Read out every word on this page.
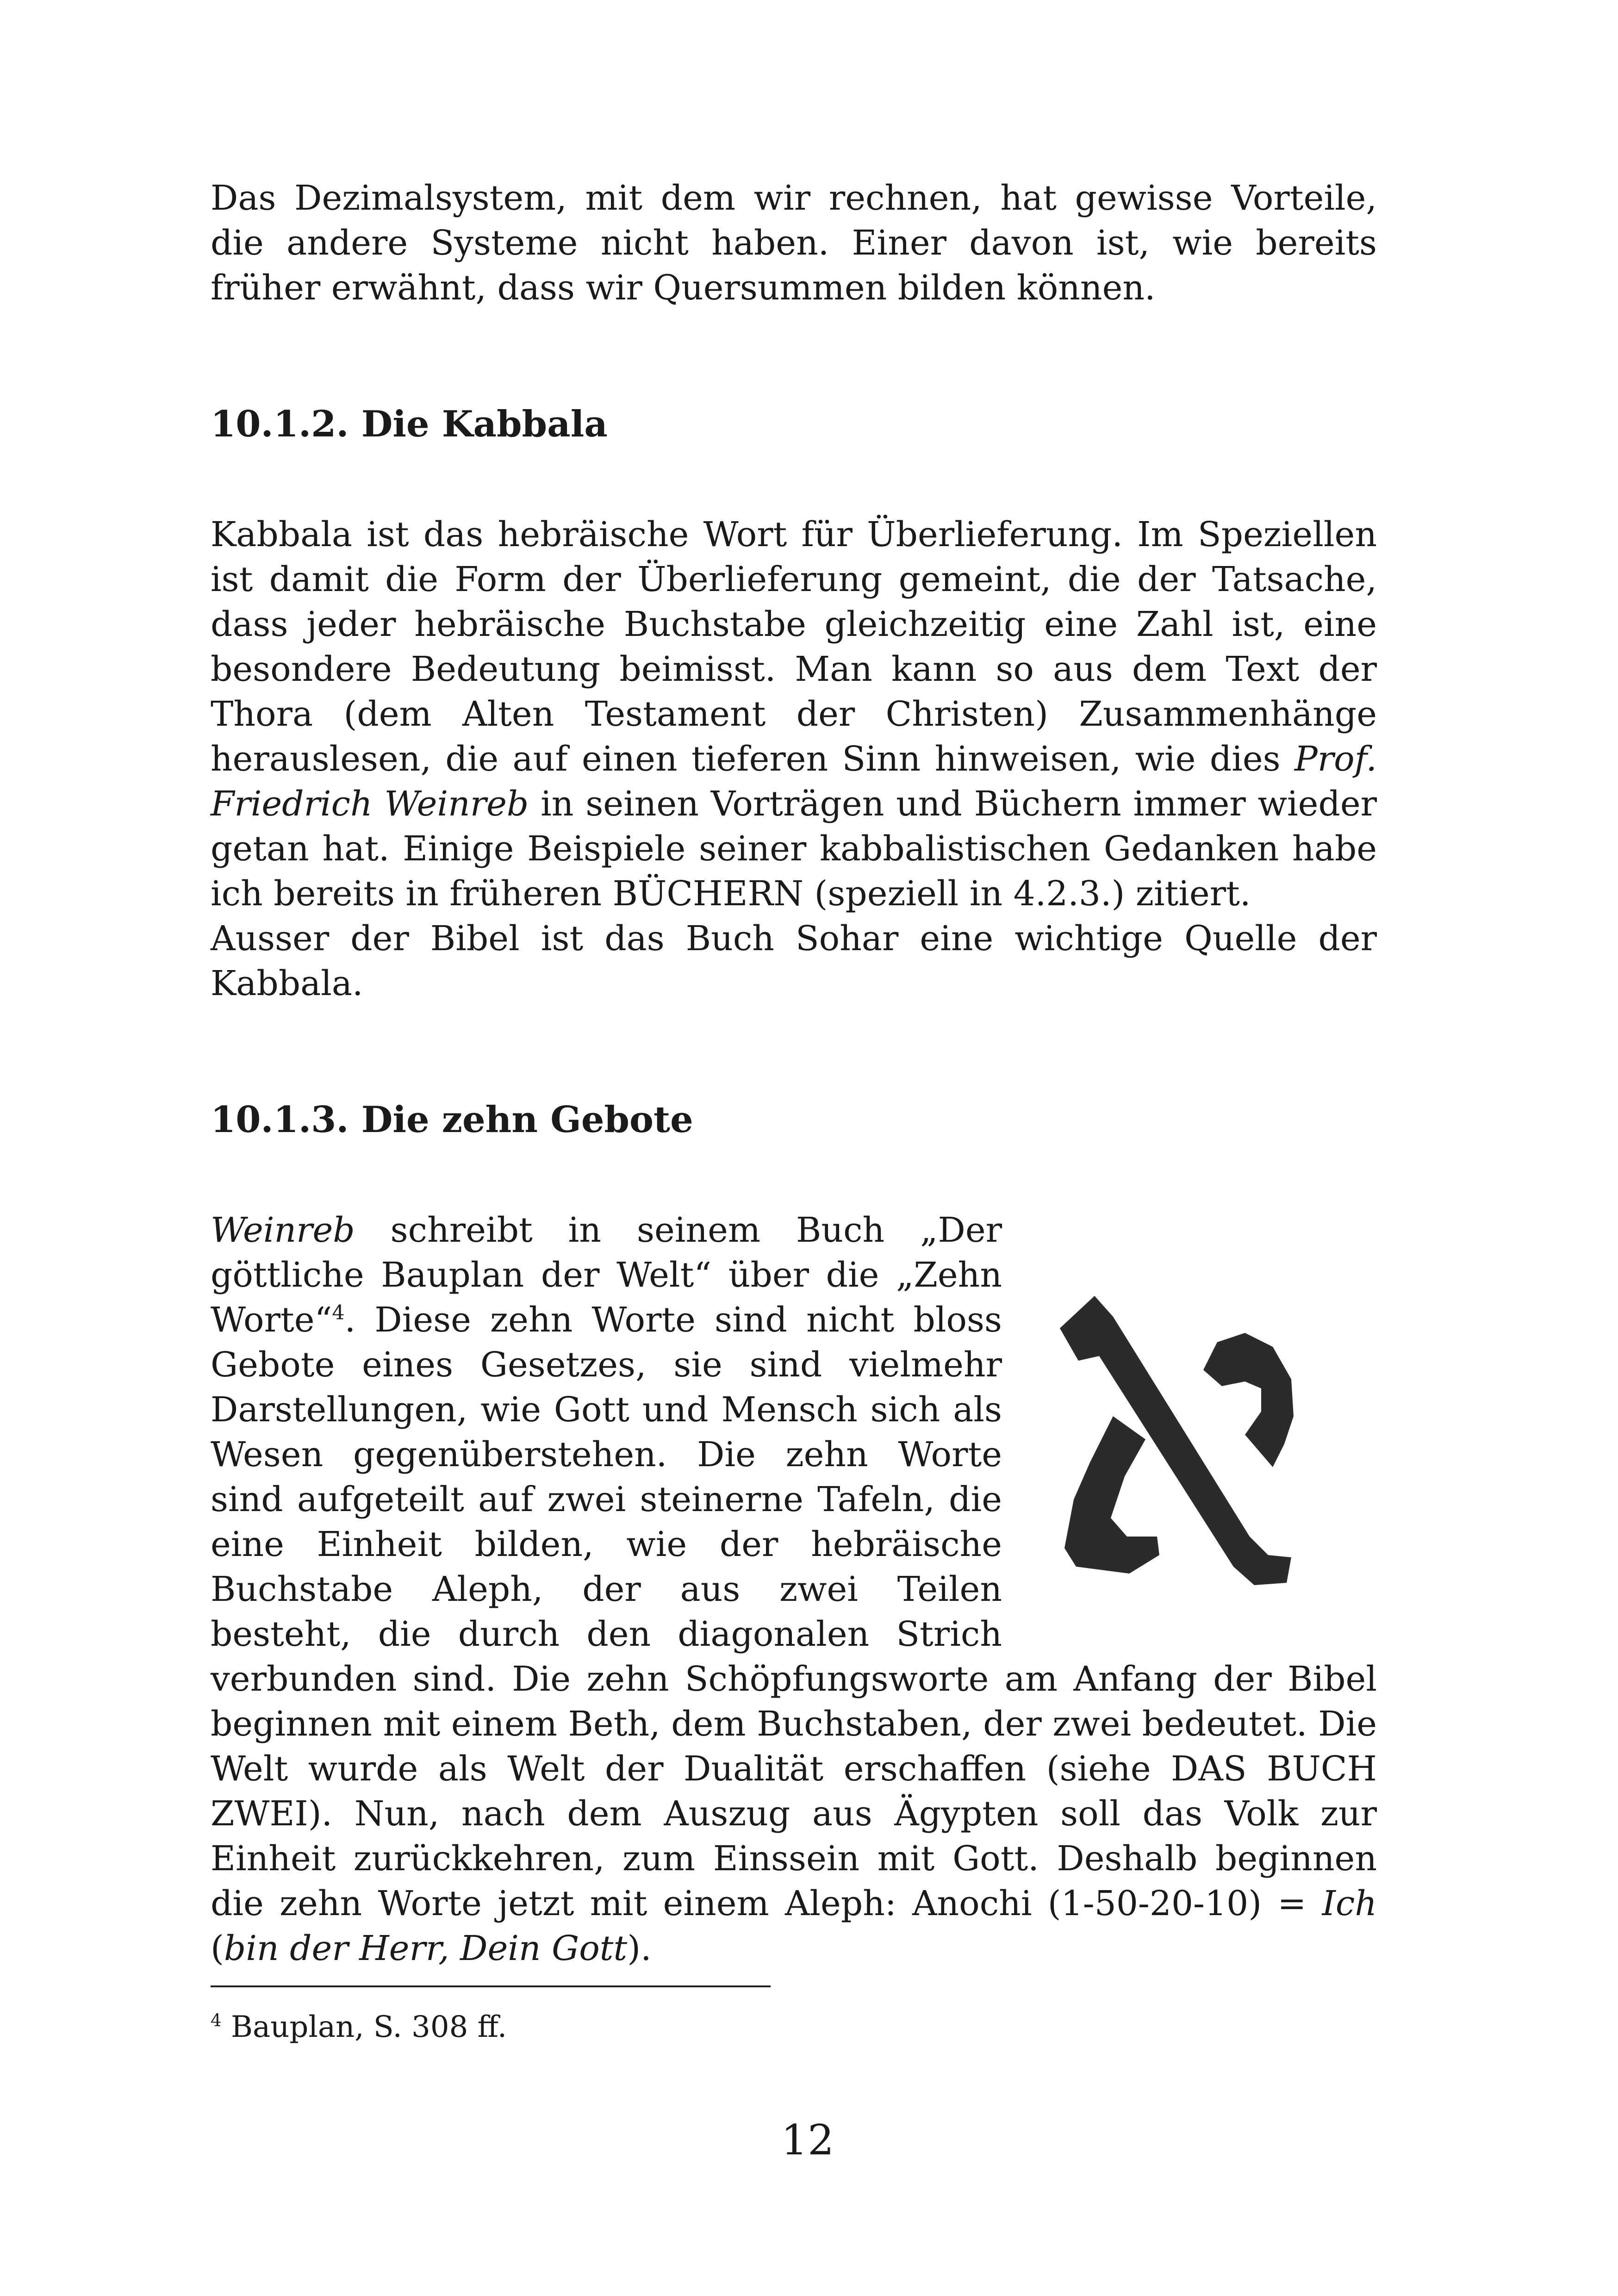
Das Dezimalsystem, mit dem wir rechnen, hat gewisse Vorteile, die andere Systeme nicht haben. Einer davon ist, wie bereits früher erwähnt, dass wir Quersummen bilden können.

10.1.2. Die Kabbala

Kabbala ist das hebräische Wort für Überlieferung. Im Speziellen ist damit die Form der Überlieferung gemeint, die der Tatsache, dass jeder hebräische Buchstabe gleichzeitig eine Zahl ist, eine besondere Bedeutung beimisst. Man kann so aus dem Text der Thora (dem Alten Testament der Christen) Zusammenhänge herauslesen, die auf einen tieferen Sinn hinweisen, wie dies Prof. Friedrich Weinreb in seinen Vorträgen und Büchern immer wieder getan hat. Einige Beispiele seiner kabbalistischen Gedanken habe ich bereits in früheren BÜCHERN (speziell in 4.2.3.) zitiert.

Ausser der Bibel ist das Buch Sohar eine wichtige Quelle der Kabbala.

10.1.3. Die zehn Gebote

Weinreb schreibt in seinem Buch „Der göttliche Bauplan der Welt“ über die „Zehn Worte“$^4$. Diese zehn Worte sind nicht bloss Gebote eines Gesetzes, sie sind vielmehr Darstellungen, wie Gott und Mensch sich als Wesen gegenüberstehen. Die zehn Worte sind aufgeteilt auf zwei steinerne Tafeln, die eine Einheit bilden, wie der hebräische Buchstabe Aleph, der aus zwei Teilen besteht, die durch den diagonalen Strich verbunden sind. Die zehn Schöpfungsworte am Anfang der Bibel beginnen mit einem Beth, dem Buchstaben, der zwei bedeutet. Die Welt wurde als Welt der Dualität erschaffen (siehe DAS BUCH ZWEI). Nun, nach dem Auszug aus Ägypten soll das Volk zur Einheit zurückkehren, zum Einssein mit Gott. Deshalb beginnen die zehn Worte jetzt mit einem Aleph: Anochi (1-50-20-10) = Ich (bin der Herr, Dein Gott).

$^4$ Bauplan, S. 308 ff.
12
